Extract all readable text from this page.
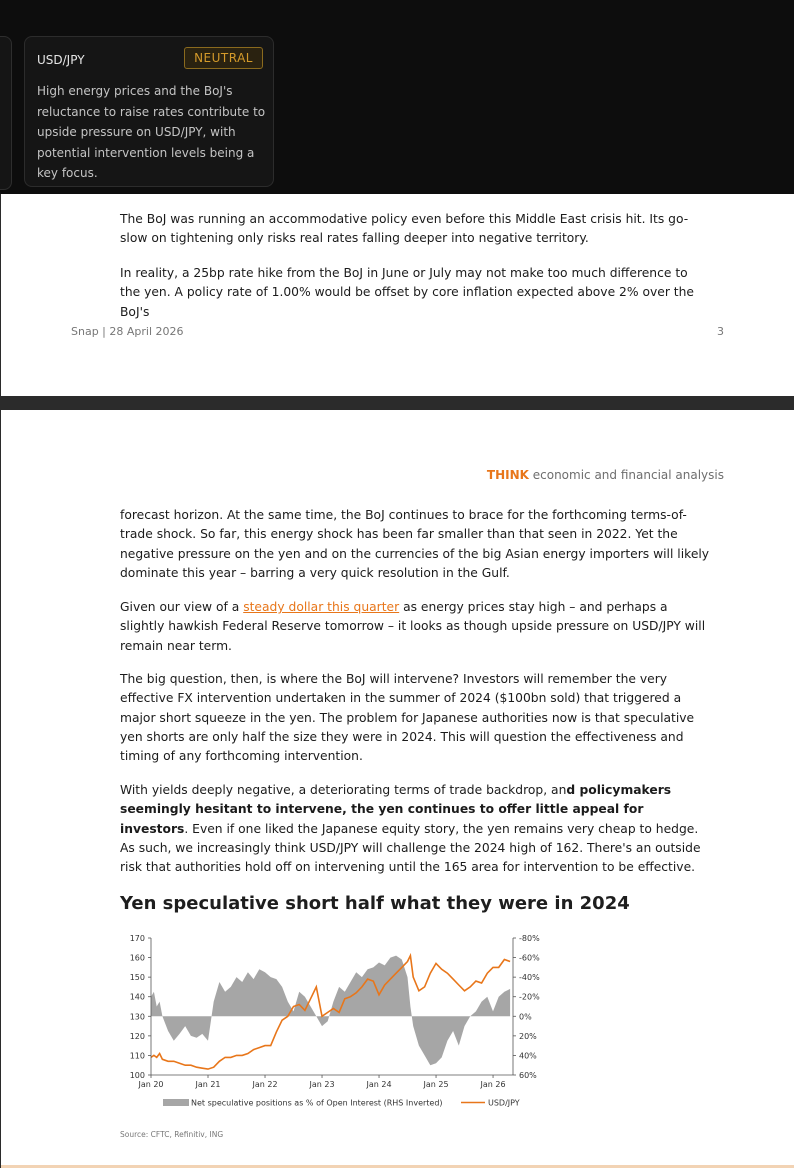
USD/JPY	NEUTRAL
High energy prices and the BoJ's reluctance to raise rates contribute to upside pressure on USD/JPY, with potential intervention levels being a key focus.
The BoJ was running an accommodative policy even before this Middle East crisis hit. Its go-slow on tightening only risks real rates falling deeper into negative territory.
In reality, a 25bp rate hike from the BoJ in June or July may not make too much difference to the yen. A policy rate of 1.00% would be offset by core inflation expected above 2% over the BoJ's
Snap | 28 April 2026	3
THINK economic and financial analysis
forecast horizon. At the same time, the BoJ continues to brace for the forthcoming terms-of-trade shock. So far, this energy shock has been far smaller than that seen in 2022. Yet the negative pressure on the yen and on the currencies of the big Asian energy importers will likely dominate this year – barring a very quick resolution in the Gulf.
Given our view of a steady dollar this quarter as energy prices stay high – and perhaps a slightly hawkish Federal Reserve tomorrow – it looks as though upside pressure on USD/JPY will remain near term.
The big question, then, is where the BoJ will intervene? Investors will remember the very effective FX intervention undertaken in the summer of 2024 ($100bn sold) that triggered a major short squeeze in the yen. The problem for Japanese authorities now is that speculative yen shorts are only half the size they were in 2024. This will question the effectiveness and timing of any forthcoming intervention.
With yields deeply negative, a deteriorating terms of trade backdrop, and policymakers seemingly hesitant to intervene, the yen continues to offer little appeal for investors. Even if one liked the Japanese equity story, the yen remains very cheap to hedge. As such, we increasingly think USD/JPY will challenge the 2024 high of 162. There's an outside risk that authorities hold off on intervening until the 165 area for intervention to be effective.
Yen speculative short half what they were in 2024
170
160
150
140
130
120
110
100
-80%
-60%
-40%
-20%
0%
20%
40%
60%
Jan 20	Jan 21	Jan 22	Jan 23	Jan 24	Jan 25	Jan 26
Net speculative positions as % of Open Interest (RHS Inverted)	USD/JPY
Source: CFTC, Refinitiv, ING
